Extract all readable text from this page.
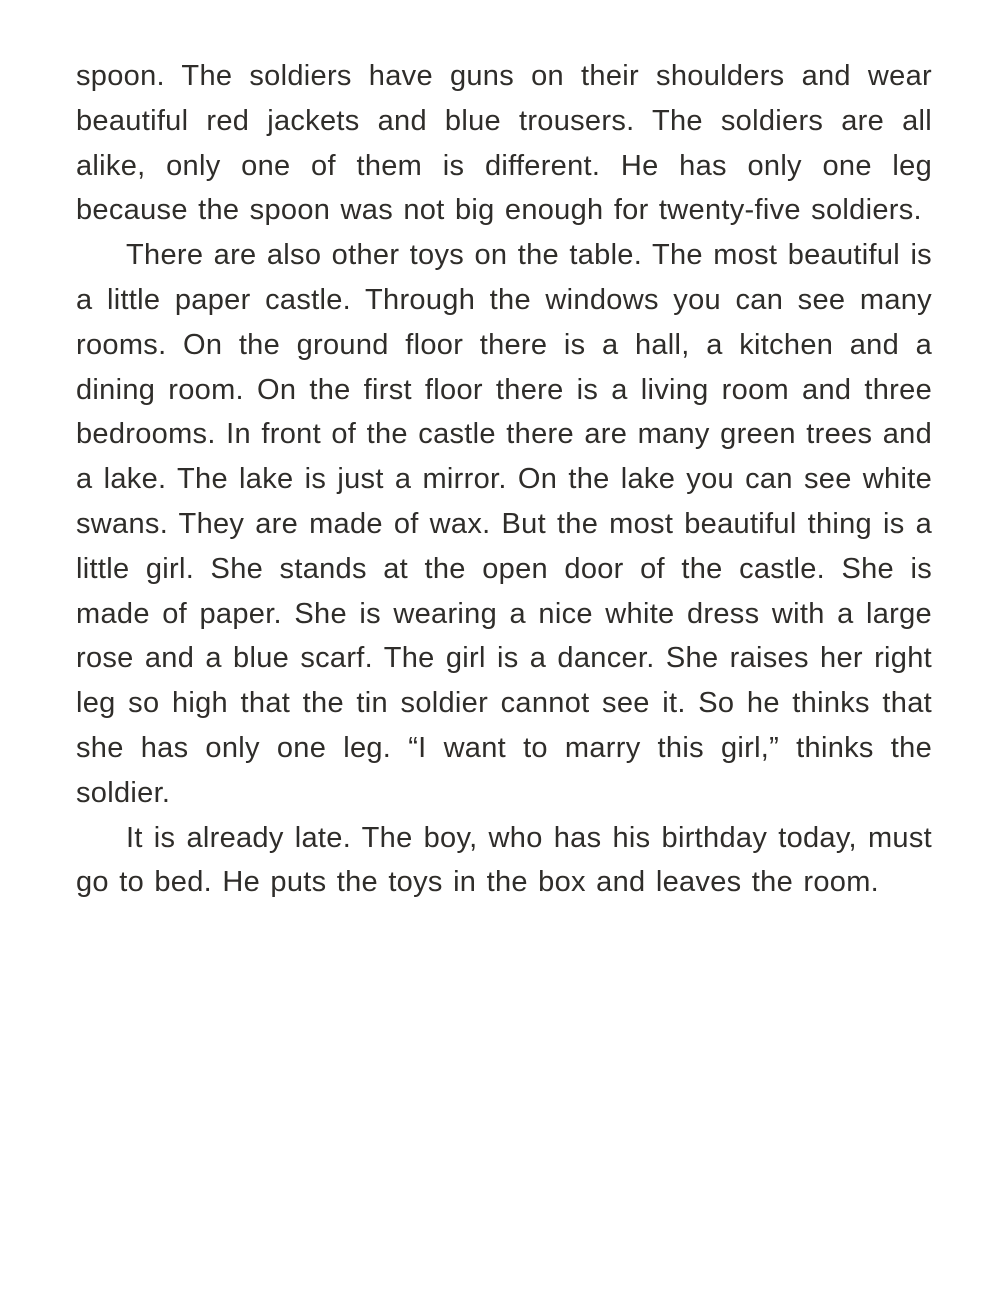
spoon. The soldiers have guns on their shoulders and wear beautiful red jackets and blue trousers. The soldiers are all alike, only one of them is different. He has only one leg because the spoon was not big enough for twenty-five soldiers.

There are also other toys on the table. The most beautiful is a little paper castle. Through the windows you can see many rooms. On the ground floor there is a hall, a kitchen and a dining room. On the first floor there is a living room and three bedrooms. In front of the castle there are many green trees and a lake. The lake is just a mirror. On the lake you can see white swans. They are made of wax. But the most beautiful thing is a little girl. She stands at the open door of the castle. She is made of paper. She is wearing a nice white dress with a large rose and a blue scarf. The girl is a dancer. She raises her right leg so high that the tin soldier cannot see it. So he thinks that she has only one leg. “I want to marry this girl,” thinks the soldier.

It is already late. The boy, who has his birthday today, must go to bed. He puts the toys in the box and leaves the room.
